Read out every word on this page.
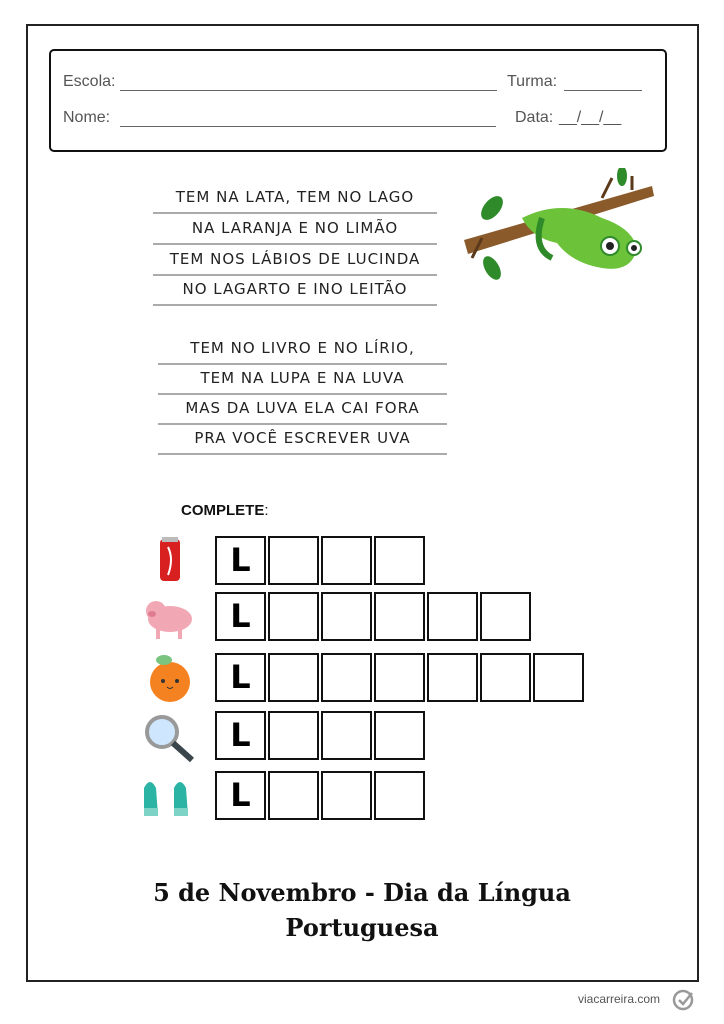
Escola:	Turma:
Nome:	Data: __/__/__
TEM NA LATA, TEM NO LAGO
NA LARANJA E NO LIMÃO
TEM NOS LÁBIOS DE LUCINDA
NO LAGARTO E INO LEITÃO
TEM NO LIVRO E NO LÍRIO,
TEM NA LUPA E NA LUVA
MAS DA LUVA ELA CAI FORA
PRA VOCÊ ESCREVER UVA
COMPLETE:
L
L
L
L
L
5 de Novembro - Dia da Língua
Portuguesa
viacarreira.com
